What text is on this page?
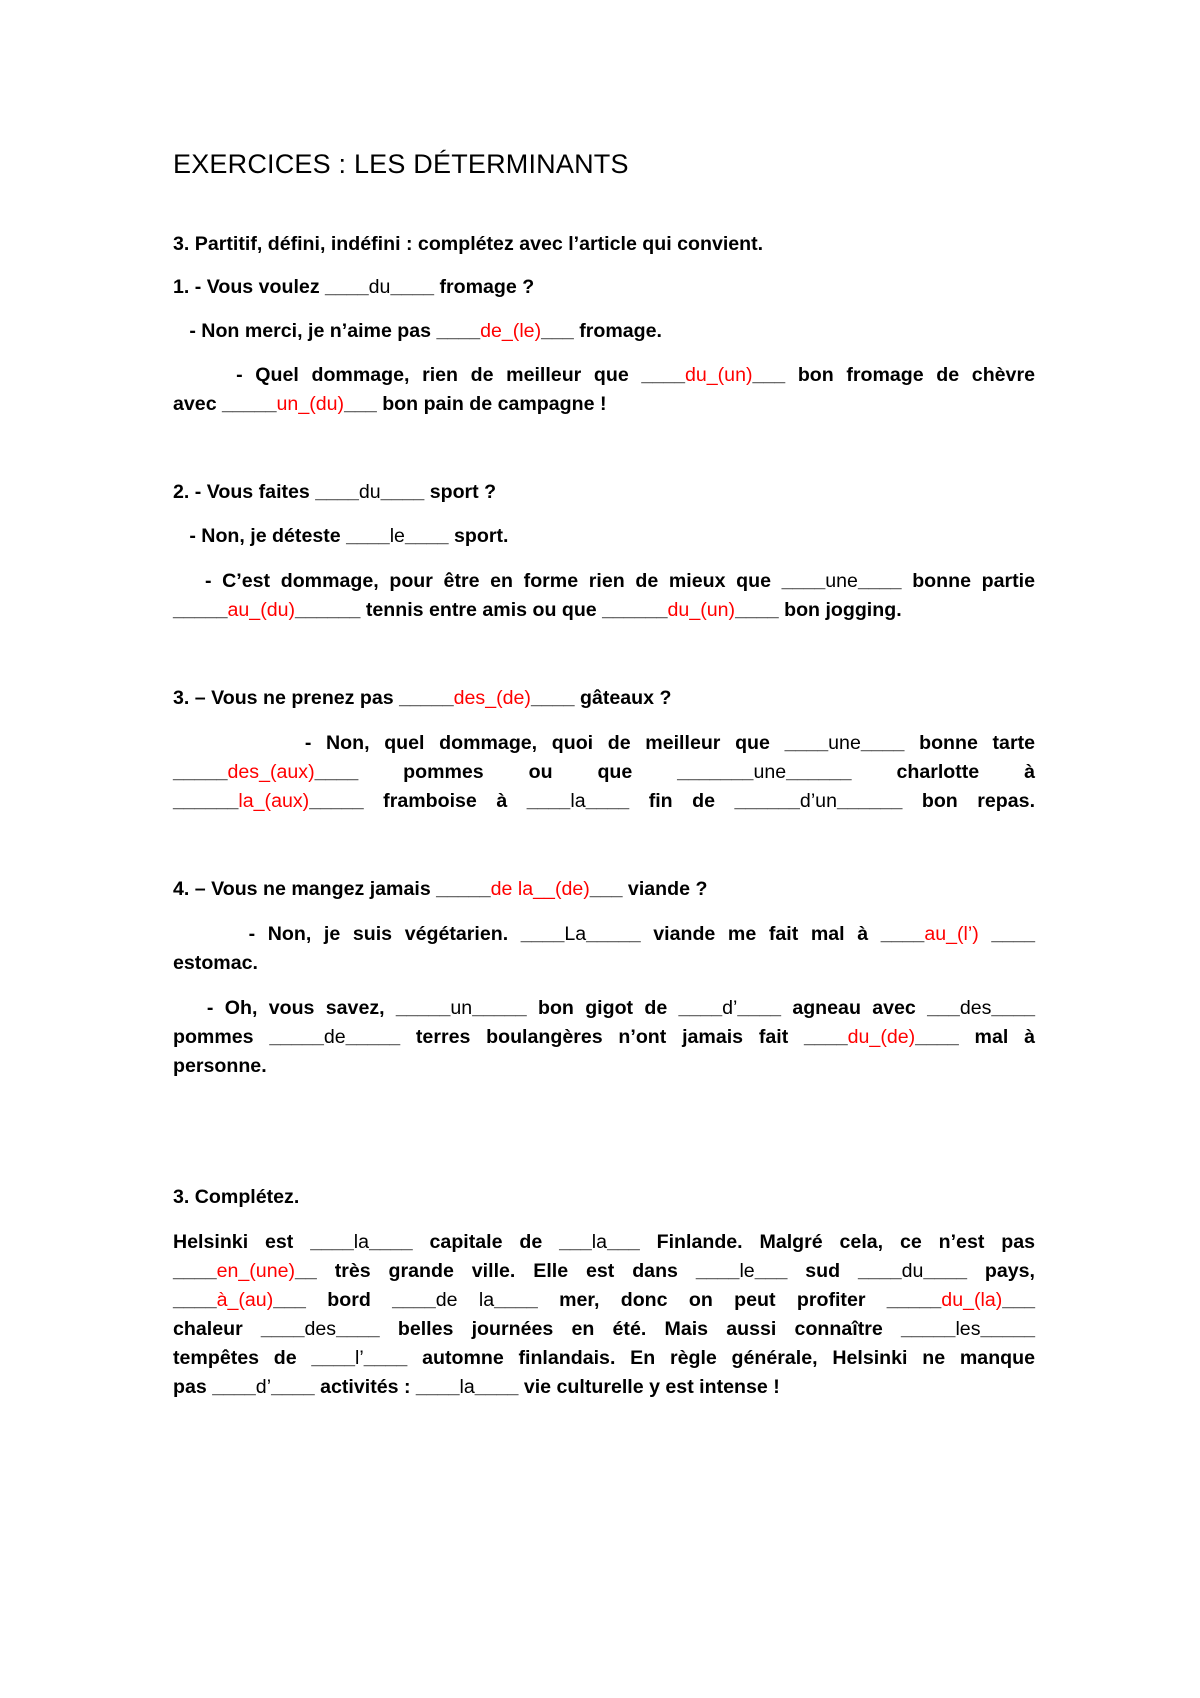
EXERCICES : LES DÉTERMINANTS
3. Partitif, défini, indéfini : complétez avec l’article qui convient.
1. - Vous voulez ____du____ fromage ?
- Non merci, je n’aime pas ____de_(le)___ fromage.
- Quel dommage, rien de meilleur que ____du_(un)___ bon fromage de chèvre
avec _____un_(du)___ bon pain de campagne !
2. - Vous faites ____du____ sport ?
- Non, je déteste ____le____ sport.
- C’est dommage, pour être en forme rien de mieux que ____une____ bonne partie
_____au_(du)______ tennis entre amis ou que ______du_(un)____ bon jogging.
3. – Vous ne prenez pas _____des_(de)____ gâteaux ?
- Non, quel dommage, quoi de meilleur que ____une____ bonne tarte
_____des_(aux)____ pommes ou que _______une______ charlotte à
______la_(aux)_____ framboise à ____la____ fin de ______d’un______ bon repas.
4. – Vous ne mangez jamais _____de la__(de)___ viande ?
- Non, je suis végétarien. ____La_____ viande me fait mal à ____au_(l’) ____
estomac.
- Oh, vous savez, _____un_____ bon gigot de ____d’____ agneau avec ___des____
pommes _____de_____ terres boulangères n’ont jamais fait ____du_(de)____ mal à
personne.
3. Complétez.
Helsinki est ____la____ capitale de ___la___ Finlande. Malgré cela, ce n’est pas
____en_(une)__ très grande ville. Elle est dans ____le___ sud ____du____ pays,
____à_(au)___ bord ____de la____ mer, donc on peut profiter _____du_(la)___
chaleur ____des____ belles journées en été. Mais aussi connaître _____les_____
tempêtes de ____l’____ automne finlandais. En règle générale, Helsinki ne manque
pas ____d’____ activités : ____la____ vie culturelle y est intense !
